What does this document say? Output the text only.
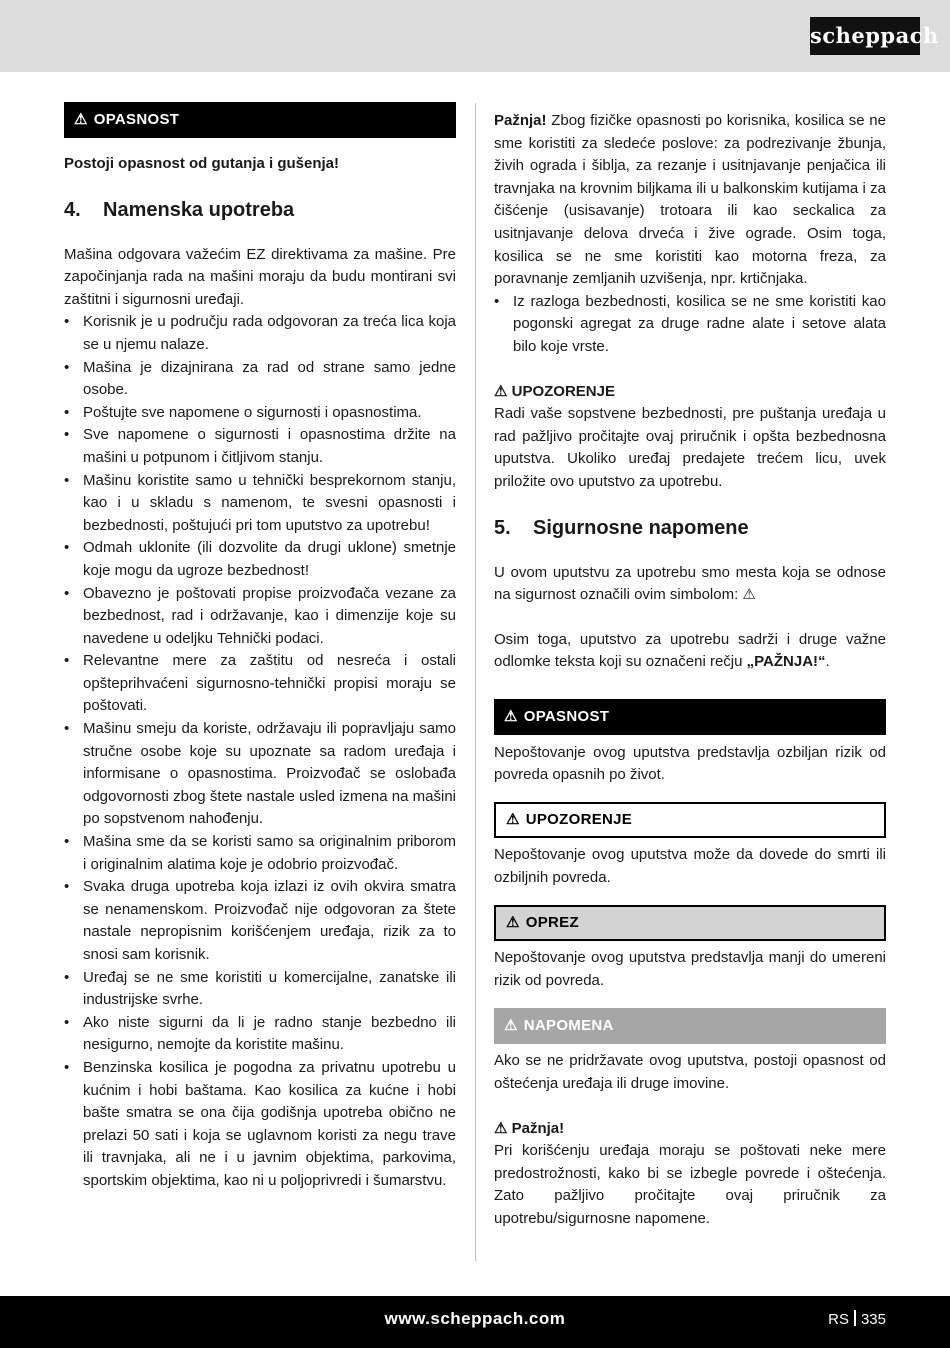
scheppach
⚠ OPASNOST

Postoji opasnost od gutanja i gušenja!

4. Namenska upotreba

Mašina odgovara važećim EZ direktivama za mašine. Pre započinjanja rada na mašini moraju da budu montirani svi zaštitni i sigurnosni uređaji.

• Korisnik je u području rada odgovoran za treća lica koja se u njemu nalaze.
• Mašina je dizajnirana za rad od strane samo jedne osobe.
• Poštujte sve napomene o sigurnosti i opasnostima.
• Sve napomene o sigurnosti i opasnostima držite na mašini u potpunom i čitljivom stanju.
• Mašinu koristite samo u tehnički besprekornom stanju, kao i u skladu s namenom, te svesni opasnosti i bezbednosti, poštujući pri tom uputstvo za upotrebu!
• Odmah uklonite (ili dozvolite da drugi uklone) smetnje koje mogu da ugroze bezbednost!
• Obavezno je poštovati propise proizvođača vezane za bezbednost, rad i održavanje, kao i dimenzije koje su navedene u odeljku Tehnički podaci.
• Relevantne mere za zaštitu od nesreća i ostali opšteprihvaćeni sigurnosno-tehnički propisi moraju se poštovati.
• Mašinu smeju da koriste, održavaju ili popravljaju samo stručne osobe koje su upoznate sa radom uređaja i informisane o opasnostima. Proizvođač se oslobađa odgovornosti zbog štete nastale usled izmena na mašini po sopstvenom nahođenju.
• Mašina sme da se koristi samo sa originalnim priborom i originalnim alatima koje je odobrio proizvođač.
• Svaka druga upotreba koja izlazi iz ovih okvira smatra se nenamenskom. Proizvođač nije odgovoran za štete nastale nepropisnim korišćenjem uređaja, rizik za to snosi sam korisnik.
• Uređaj se ne sme koristiti u komercijalne, zanatske ili industrijske svrhe.
• Ako niste sigurni da li je radno stanje bezbedno ili nesigurno, nemojte da koristite mašinu.
• Benzinska kosilica je pogodna za privatnu upotrebu u kućnim i hobi baštama. Kao kosilica za kućne i hobi bašte smatra se ona čija godišnja upotreba obično ne prelazi 50 sati i koja se uglavnom koristi za negu trave ili travnjaka, ali ne i u javnim objektima, parkovima, sportskim objektima, kao ni u poljoprivredi i šumarstvu.

Pažnja! Zbog fizičke opasnosti po korisnika, kosilica se ne sme koristiti za sledeće poslove: za podrezivanje žbunja, živih ograda i šiblja, za rezanje i usitnjavanje penjačica ili travnjaka na krovnim biljkama ili u balkonskim kutijama i za čišćenje (usisavanje) trotoara ili kao seckalica za usitnjavanje delova drveća i žive ograde. Osim toga, kosilica se ne sme koristiti kao motorna freza, za poravnanje zemljanih uzvišenja, npr. krtičnjaka.

• Iz razloga bezbednosti, kosilica se ne sme koristiti kao pogonski agregat za druge radne alate i setove alata bilo koje vrste.

⚠ UPOZORENJE

Radi vaše sopstvene bezbednosti, pre puštanja uređaja u rad pažljivo pročitajte ovaj priručnik i opšta bezbednosna uputstva. Ukoliko uređaj predajete trećem licu, uvek priložite ovo uputstvo za upotrebu.

5. Sigurnosne napomene

U ovom uputstvu za upotrebu smo mesta koja se odnose na sigurnost označili ovim simbolom: ⚠

Osim toga, uputstvo za upotrebu sadrži i druge važne odlomke teksta koji su označeni rečju „PAŽNJA!“.

⚠ OPASNOST

Nepoštovanje ovog uputstva predstavlja ozbiljan rizik od povreda opasnih po život.

⚠ UPOZORENJE

Nepoštovanje ovog uputstva može da dovede do smrti ili ozbiljnih povreda.

⚠ OPREZ

Nepoštovanje ovog uputstva predstavlja manji do umereni rizik od povreda.

⚠ NAPOMENA

Ako se ne pridržavate ovog uputstva, postoji opasnost od oštećenja uređaja ili druge imovine.

⚠ Pažnja!

Pri korišćenju uređaja moraju se poštovati neke mere predostrožnosti, kako bi se izbegle povrede i oštećenja. Zato pažljivo pročitajte ovaj priručnik za upotrebu/sigurnosne napomene.

www.scheppach.com	RS 335
